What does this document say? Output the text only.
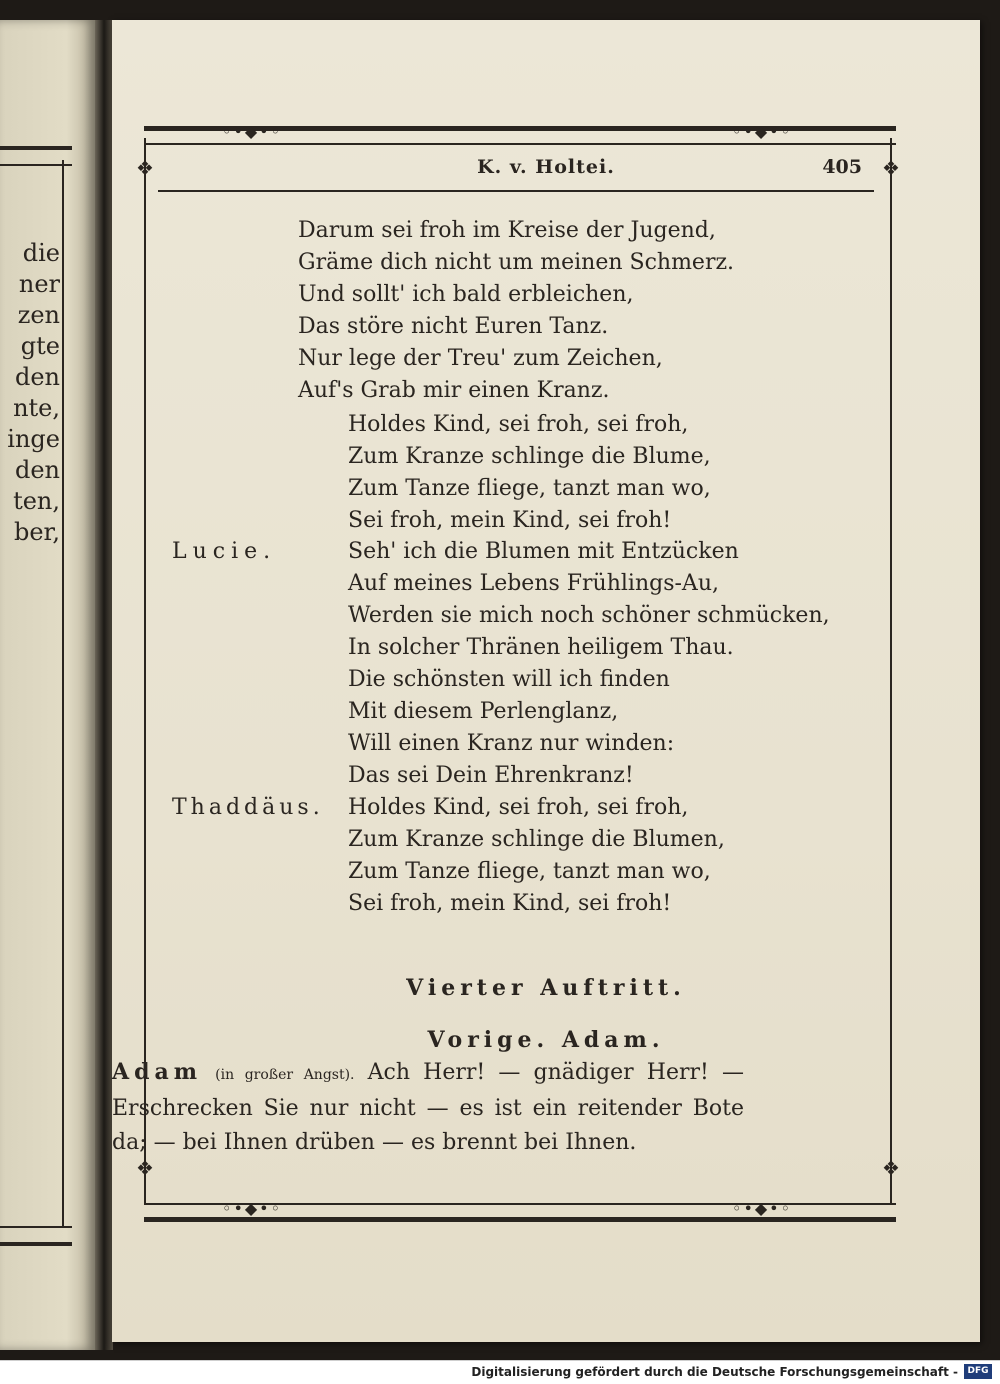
die
ner
zen
gte
den
nte,
inge
den
ten,
ber,
◦•◆•◦	◦•◆•◦
◦•◆•◦	◦•◆•◦
❖	❖
❖	❖
K. v. Holtei.	405
Darum sei froh im Kreise der Jugend,
Gräme dich nicht um meinen Schmerz.
Und sollt' ich bald erbleichen,
Das störe nicht Euren Tanz.
Nur lege der Treu' zum Zeichen,
Auf's Grab mir einen Kranz.
Holdes Kind, sei froh, sei froh,
Zum Kranze schlinge die Blume,
Zum Tanze fliege, tanzt man wo,
Sei froh, mein Kind, sei froh!
Lucie.	Seh' ich die Blumen mit Entzücken
Auf meines Lebens Frühlings-Au,
Werden sie mich noch schöner schmücken,
In solcher Thränen heiligem Thau.
Die schönsten will ich finden
Mit diesem Perlenglanz,
Will einen Kranz nur winden:
Das sei Dein Ehrenkranz!
Thaddäus. Holdes Kind, sei froh, sei froh,
Zum Kranze schlinge die Blumen,
Zum Tanze fliege, tanzt man wo,
Sei froh, mein Kind, sei froh!
Vierter Auftritt.
Vorige. Adam.
Adam (in großer Angst). Ach Herr! — gnädiger Herr! — Erschrecken Sie nur nicht — es ist ein reitender Bote da; — bei Ihnen drüben — es brennt bei Ihnen.
Digitalisierung gefördert durch die Deutsche Forschungsgemeinschaft -	DFG
